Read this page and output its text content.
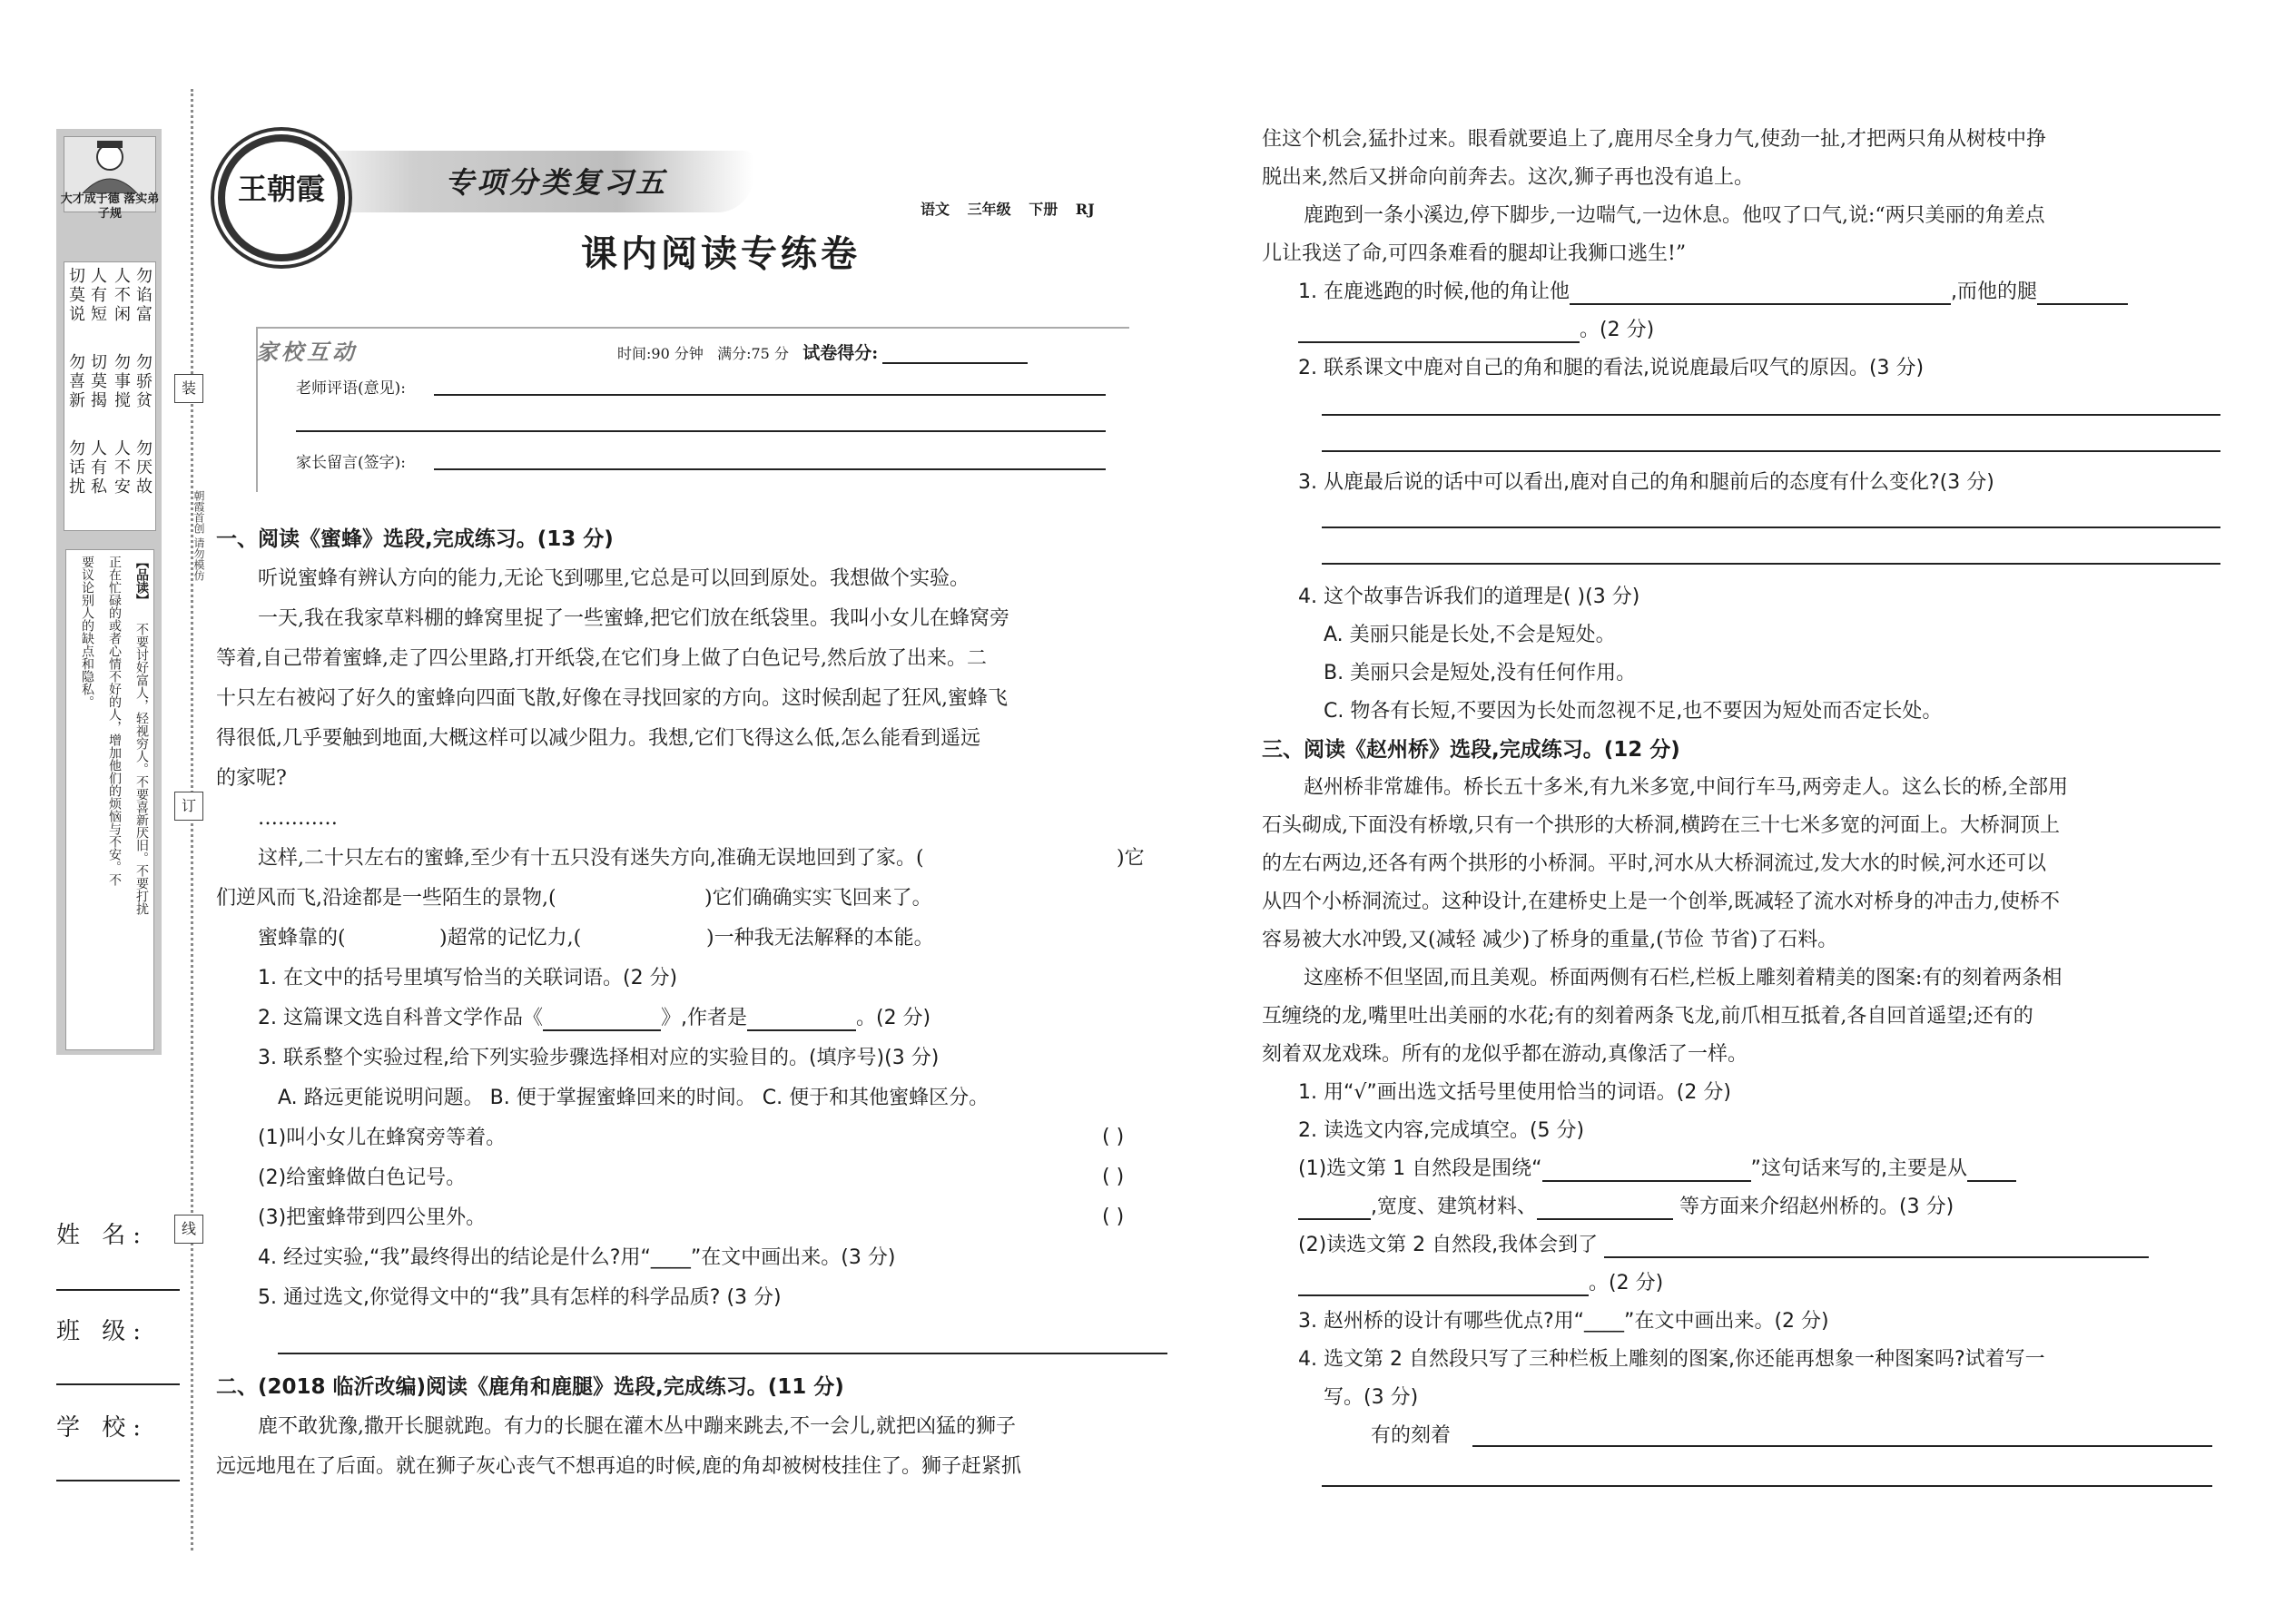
大才成于德 落实弟子规
勿谄富
勿骄贫
勿厌故
人不闲
勿事搅
人不安
人有短
切莫揭
人有私
切莫说
勿喜新
勿话扰
【品读】
不要讨好富人，轻视穷人。不要喜新厌旧。不要打扰
正在忙碌的或者心情不好的人，增加他们的烦恼与不安。不
要议论别人的缺点和隐私。
装
订
线
朝霞首创 请勿模仿
姓 名:
班 级:
学 校:
王朝霞	专项分类复习五
课内阅读专练卷
语文 三年级 下册 RJ
家校互动	时间:90 分钟 满分:75 分 试卷得分:
老师评语(意见):
家长留言(签字):
一、阅读《蜜蜂》选段,完成练习。(13 分)
听说蜜蜂有辨认方向的能力,无论飞到哪里,它总是可以回到原处。我想做个实验。
一天,我在我家草料棚的蜂窝里捉了一些蜜蜂,把它们放在纸袋里。我叫小女儿在蜂窝旁
等着,自己带着蜜蜂,走了四公里路,打开纸袋,在它们身上做了白色记号,然后放了出来。二
十只左右被闷了好久的蜜蜂向四面飞散,好像在寻找回家的方向。这时候刮起了狂风,蜜蜂飞
得很低,几乎要触到地面,大概这样可以减少阻力。我想,它们飞得这么低,怎么能看到遥远
的家呢?
…………
这样,二十只左右的蜜蜂,至少有十五只没有迷失方向,准确无误地回到了家。(	)它
们逆风而飞,沿途都是一些陌生的景物,(	)它们确确实实飞回来了。
蜜蜂靠的(	)超常的记忆力,(	)一种我无法解释的本能。
1. 在文中的括号里填写恰当的关联词语。(2 分)
2. 这篇课文选自科普文学作品《	》,作者是	。(2 分)
3. 联系整个实验过程,给下列实验步骤选择相对应的实验目的。(填序号)(3 分)
A. 路远更能说明问题。 B. 便于掌握蜜蜂回来的时间。 C. 便于和其他蜜蜂区分。
(1)叫小女儿在蜂窝旁等着。	( )
(2)给蜜蜂做白色记号。	( )
(3)把蜜蜂带到四公里外。	( )
4. 经过实验,“我”最终得出的结论是什么?用“____”在文中画出来。(3 分)
5. 通过选文,你觉得文中的“我”具有怎样的科学品质? (3 分)
二、(2018 临沂改编)阅读《鹿角和鹿腿》选段,完成练习。(11 分)
鹿不敢犹豫,撒开长腿就跑。有力的长腿在灌木丛中蹦来跳去,不一会儿,就把凶猛的狮子
远远地甩在了后面。就在狮子灰心丧气不想再追的时候,鹿的角却被树枝挂住了。狮子赶紧抓
住这个机会,猛扑过来。眼看就要追上了,鹿用尽全身力气,使劲一扯,才把两只角从树枝中挣
脱出来,然后又拼命向前奔去。这次,狮子再也没有追上。
鹿跑到一条小溪边,停下脚步,一边喘气,一边休息。他叹了口气,说:“两只美丽的角差点
儿让我送了命,可四条难看的腿却让我狮口逃生!”
1. 在鹿逃跑的时候,他的角让他	,而他的腿
。(2 分)
2. 联系课文中鹿对自己的角和腿的看法,说说鹿最后叹气的原因。(3 分)
3. 从鹿最后说的话中可以看出,鹿对自己的角和腿前后的态度有什么变化?(3 分)
4. 这个故事告诉我们的道理是( )(3 分)
A. 美丽只能是长处,不会是短处。
B. 美丽只会是短处,没有任何作用。
C. 物各有长短,不要因为长处而忽视不足,也不要因为短处而否定长处。
三、阅读《赵州桥》选段,完成练习。(12 分)
赵州桥非常雄伟。桥长五十多米,有九米多宽,中间行车马,两旁走人。这么长的桥,全部用
石头砌成,下面没有桥墩,只有一个拱形的大桥洞,横跨在三十七米多宽的河面上。大桥洞顶上
的左右两边,还各有两个拱形的小桥洞。平时,河水从大桥洞流过,发大水的时候,河水还可以
从四个小桥洞流过。这种设计,在建桥史上是一个创举,既减轻了流水对桥身的冲击力,使桥不
容易被大水冲毁,又(减轻 减少)了桥身的重量,(节俭 节省)了石料。
这座桥不但坚固,而且美观。桥面两侧有石栏,栏板上雕刻着精美的图案:有的刻着两条相
互缠绕的龙,嘴里吐出美丽的水花;有的刻着两条飞龙,前爪相互抵着,各自回首遥望;还有的
刻着双龙戏珠。所有的龙似乎都在游动,真像活了一样。
1. 用“√”画出选文括号里使用恰当的词语。(2 分)
2. 读选文内容,完成填空。(5 分)
(1)选文第 1 自然段是围绕“	”这句话来写的,主要是从
,宽度、建筑材料、	等方面来介绍赵州桥的。(3 分)
(2)读选文第 2 自然段,我体会到了
。(2 分)
3. 赵州桥的设计有哪些优点?用“____”在文中画出来。(2 分)
4. 选文第 2 自然段只写了三种栏板上雕刻的图案,你还能再想象一种图案吗?试着写一
写。(3 分)
有的刻着
